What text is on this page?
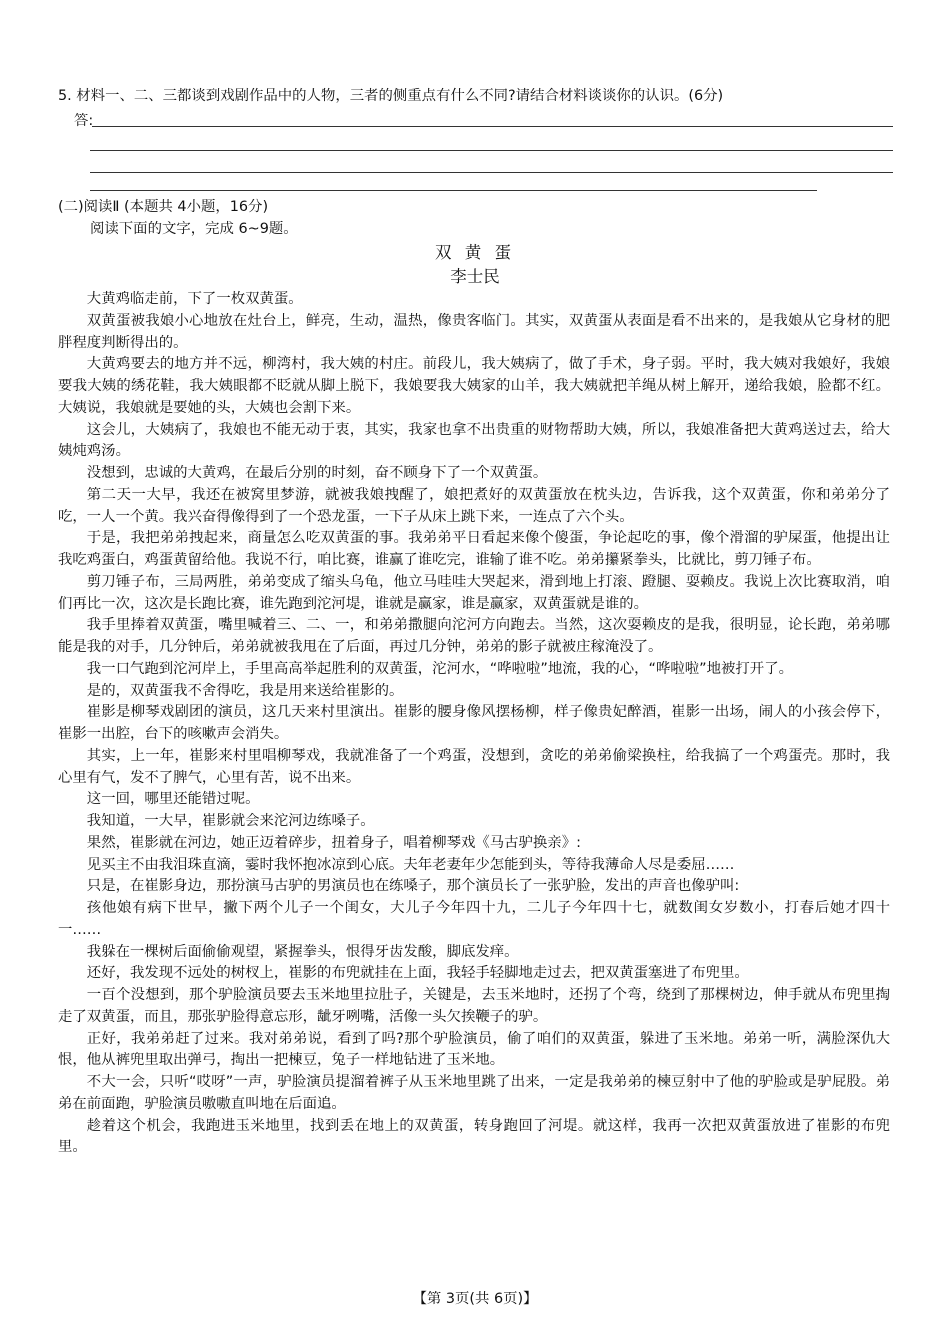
5. 材料一、二、三都谈到戏剧作品中的人物，三者的侧重点有什么不同?请结合材料谈谈你的认识。(6分)
答:
(二)阅读Ⅱ (本题共 4小题，16分)
阅读下面的文字，完成 6~9题。
双 黄 蛋
李士民

大黄鸡临走前，下了一枚双黄蛋。

双黄蛋被我娘小心地放在灶台上，鲜亮，生动，温热，像贵客临门。其实，双黄蛋从表面是看不出来的，是我娘从它身材的肥胖程度判断得出的。

大黄鸡要去的地方并不远，柳湾村，我大姨的村庄。前段儿，我大姨病了，做了手术，身子弱。平时，我大姨对我娘好，我娘要我大姨的绣花鞋，我大姨眼都不眨就从脚上脱下，我娘要我大姨家的山羊，我大姨就把羊绳从树上解开，递给我娘，脸都不红。大姨说，我娘就是要她的头，大姨也会割下来。

这会儿，大姨病了，我娘也不能无动于衷，其实，我家也拿不出贵重的财物帮助大姨，所以，我娘准备把大黄鸡送过去，给大姨炖鸡汤。

没想到，忠诚的大黄鸡，在最后分别的时刻，奋不顾身下了一个双黄蛋。

第二天一大早，我还在被窝里梦游，就被我娘拽醒了，娘把煮好的双黄蛋放在枕头边，告诉我，这个双黄蛋，你和弟弟分了吃，一人一个黄。我兴奋得像得到了一个恐龙蛋，一下子从床上跳下来，一连点了六个头。

于是，我把弟弟拽起来，商量怎么吃双黄蛋的事。我弟弟平日看起来像个傻蛋，争论起吃的事，像个滑溜的驴屎蛋，他提出让我吃鸡蛋白，鸡蛋黄留给他。我说不行，咱比赛，谁赢了谁吃完，谁输了谁不吃。弟弟攥紧拳头，比就比，剪刀锤子布。

剪刀锤子布，三局两胜，弟弟变成了缩头乌龟，他立马哇哇大哭起来，滑到地上打滚、蹬腿、耍赖皮。我说上次比赛取消，咱们再比一次，这次是长跑比赛，谁先跑到沱河堤，谁就是赢家，谁是赢家，双黄蛋就是谁的。

我手里捧着双黄蛋，嘴里喊着三、二、一，和弟弟撒腿向沱河方向跑去。当然，这次耍赖皮的是我，很明显，论长跑，弟弟哪能是我的对手，几分钟后，弟弟就被我甩在了后面，再过几分钟，弟弟的影子就被庄稼淹没了。

我一口气跑到沱河岸上，手里高高举起胜利的双黄蛋，沱河水，“哗啦啦”地流，我的心，“哗啦啦”地被打开了。

是的，双黄蛋我不舍得吃，我是用来送给崔影的。

崔影是柳琴戏剧团的演员，这几天来村里演出。崔影的腰身像风摆杨柳，样子像贵妃醉酒，崔影一出场，闹人的小孩会停下，崔影一出腔，台下的咳嗽声会消失。

其实，上一年，崔影来村里唱柳琴戏，我就准备了一个鸡蛋，没想到，贪吃的弟弟偷梁换柱，给我搞了一个鸡蛋壳。那时，我心里有气，发不了脾气，心里有苦，说不出来。

这一回，哪里还能错过呢。

我知道，一大早，崔影就会来沱河边练嗓子。

果然，崔影就在河边，她正迈着碎步，扭着身子，唱着柳琴戏《马古驴换亲》:

见买主不由我泪珠直滴，霎时我怀抱冰凉到心底。夫年老妻年少怎能到头，等待我薄命人尽是委屈……

只是，在崔影身边，那扮演马古驴的男演员也在练嗓子，那个演员长了一张驴脸，发出的声音也像驴叫:

孩他娘有病下世早，撇下两个儿子一个闺女，大儿子今年四十九，二儿子今年四十七，就数闺女岁数小，打春后她才四十一……

我躲在一棵树后面偷偷观望，紧握拳头，恨得牙齿发酸，脚底发痒。

还好，我发现不远处的树杈上，崔影的布兜就挂在上面，我轻手轻脚地走过去，把双黄蛋塞进了布兜里。

一百个没想到，那个驴脸演员要去玉米地里拉肚子，关键是，去玉米地时，还拐了个弯，绕到了那棵树边，伸手就从布兜里掏走了双黄蛋，而且，那张驴脸得意忘形，龇牙咧嘴，活像一头欠挨鞭子的驴。

正好，我弟弟赶了过来。我对弟弟说，看到了吗?那个驴脸演员，偷了咱们的双黄蛋，躲进了玉米地。弟弟一听，满脸深仇大恨，他从裤兜里取出弹弓，掏出一把楝豆，兔子一样地钻进了玉米地。

不大一会，只听“哎呀”一声，驴脸演员提溜着裤子从玉米地里跳了出来，一定是我弟弟的楝豆射中了他的驴脸或是驴屁股。弟弟在前面跑，驴脸演员嗷嗷直叫地在后面追。

趁着这个机会，我跑进玉米地里，找到丢在地上的双黄蛋，转身跑回了河堤。就这样，我再一次把双黄蛋放进了崔影的布兜里。

【第 3页(共 6页)】
